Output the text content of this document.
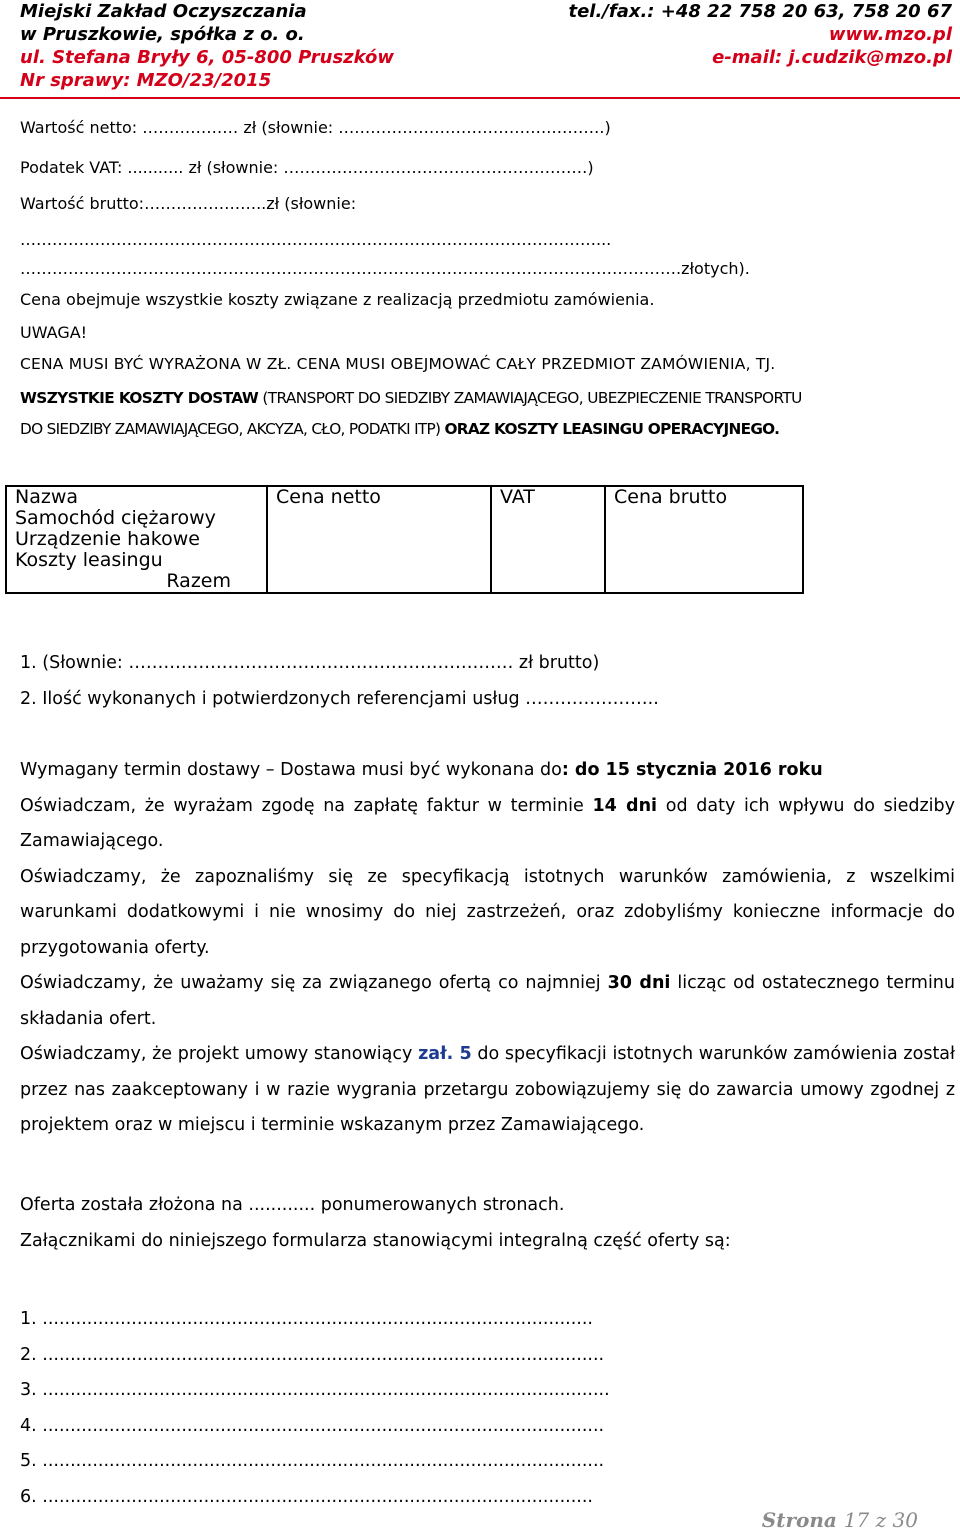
Miejski Zakład Oczyszczania	tel./fax.: +48 22 758 20 63, 758 20 67
w Pruszkowie, spółka z o. o.	www.mzo.pl
ul. Stefana Bryły 6, 05-800 Pruszków	e-mail: j.cudzik@mzo.pl
Nr sprawy: MZO/23/2015
Wartość netto: ……………… zł (słownie: ………………………………….……….)
Podatek VAT: ........... zł (słownie: …………………………………………………)
Wartość brutto:…………………..zł (słownie:
………………………………………………………………………………………………...
…………………………………………………………………………………………………………….złotych).
Cena obejmuje wszystkie koszty związane z realizacją przedmiotu zamówienia.
UWAGA!
CENA MUSI BYĆ WYRAŻONA W ZŁ. CENA MUSI OBEJMOWAĆ CAŁY PRZEDMIOT ZAMÓWIENIA, TJ.
WSZYSTKIE KOSZTY DOSTAW (TRANSPORT DO SIEDZIBY ZAMAWIAJĄCEGO, UBEZPIECZENIE TRANSPORTU
DO SIEDZIBY ZAMAWIAJĄCEGO, AKCYZA, CŁO, PODATKI ITP) ORAZ KOSZTY LEASINGU OPERACYJNEGO.
Nazwa	Cena netto	VAT	Cena brutto
Samochód ciężarowy			
Urządzenie hakowe			
Koszty leasingu			
Razem			
1. (Słownie: ………………………………………………………… zł brutto)
2. Ilość wykonanych i potwierdzonych referencjami usług …………………..
Wymagany termin dostawy – Dostawa musi być wykonana do: do 15 stycznia 2016 roku
Oświadczam, że wyrażam zgodę na zapłatę faktur w terminie 14 dni od daty ich wpływu do siedziby Zamawiającego.
Oświadczamy, że zapoznaliśmy się ze specyfikacją istotnych warunków zamówienia, z wszelkimi warunkami dodatkowymi i nie wnosimy do niej zastrzeżeń, oraz zdobyliśmy konieczne informacje do przygotowania oferty.
Oświadczamy, że uważamy się za związanego ofertą co najmniej 30 dni licząc od ostatecznego terminu składania ofert.
Oświadczamy, że projekt umowy stanowiący zał. 5 do specyfikacji istotnych warunków zamówienia został przez nas zaakceptowany i w razie wygrania przetargu zobowiązujemy się do zawarcia umowy zgodnej z projektem oraz w miejscu i terminie wskazanym przez Zamawiającego.
Oferta została złożona na ............ ponumerowanych stronach.
Załącznikami do niniejszego formularza stanowiącymi integralną część oferty są:
1. ...................................................................................................
2. .....................................................................................................
3. ......................................................................................................
4. .....................................................................................................
5. .....................................................................................................
6. ...................................................................................................
Strona 17 z 30
